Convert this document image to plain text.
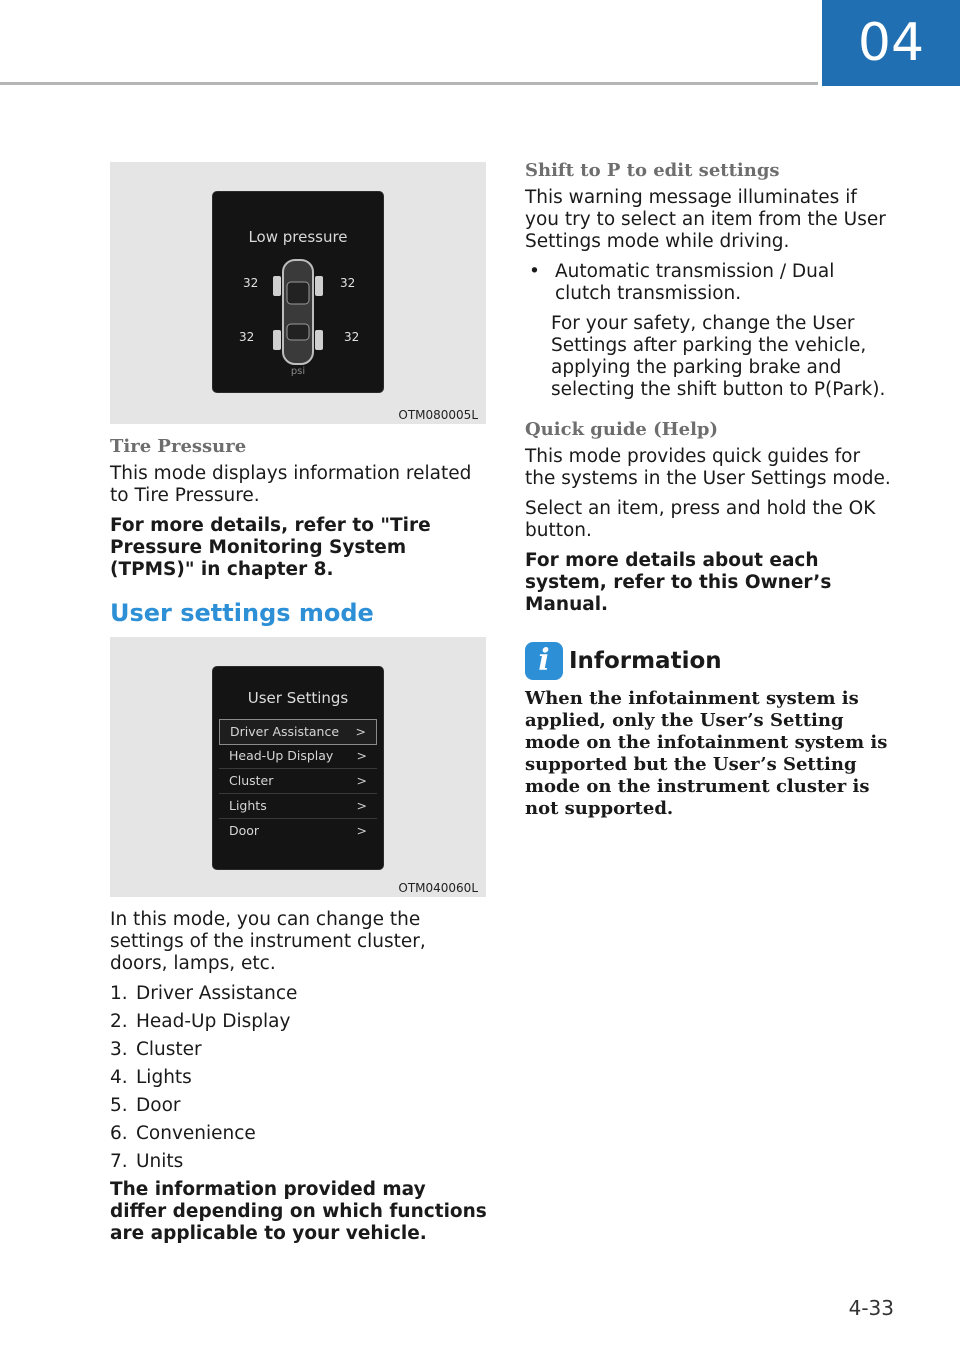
04
Low pressure
32	32
32	32
psi
OTM080005L
Tire Pressure

This mode displays information related to Tire Pressure.

For more details, refer to "Tire Pressure Monitoring System (TPMS)" in chapter 8.

User settings mode
User Settings
Driver Assistance >
Head-Up Display >
Cluster	>
Lights	>
Door	>
OTM040060L

In this mode, you can change the settings of the instrument cluster, doors, lamps, etc.

1. Driver Assistance
2. Head-Up Display
3. Cluster
4. Lights
5. Door
6. Convenience
7. Units

The information provided may differ depending on which functions are applicable to your vehicle.

Shift to P to edit settings

This warning message illuminates if you try to select an item from the User Settings mode while driving.

• Automatic transmission / Dual clutch transmission.

For your safety, change the User Settings after parking the vehicle, applying the parking brake and selecting the shift button to P(Park).

Quick guide (Help)

This mode provides quick guides for the systems in the User Settings mode.

Select an item, press and hold the OK button.

For more details about each system, refer to this Owner’s Manual.

i Information
When the infotainment system is applied, only the User’s Setting mode on the infotainment system is supported but the User’s Setting mode on the instrument cluster is not supported.
4-33
